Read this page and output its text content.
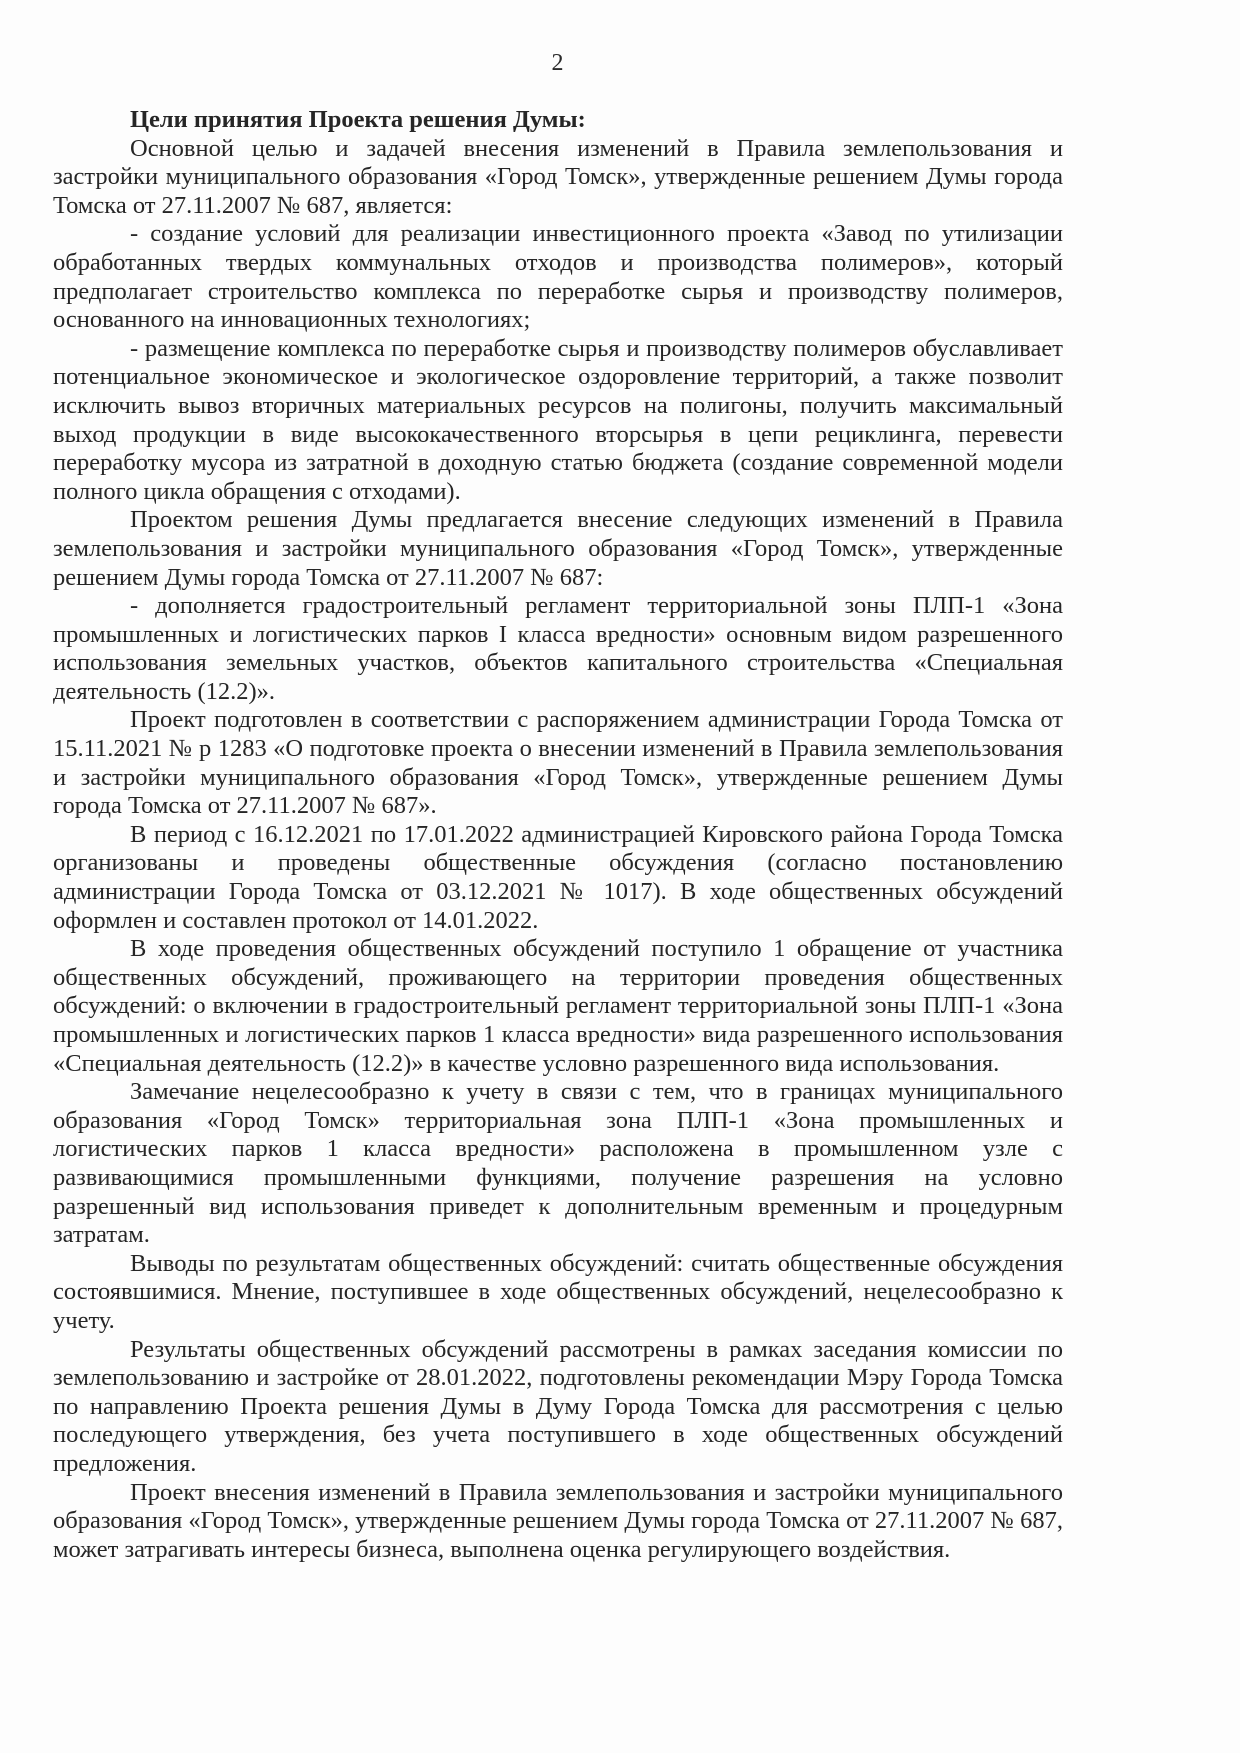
2
Цели принятия Проекта решения Думы:

Основной целью и задачей внесения изменений в Правила землепользования и застройки муниципального образования «Город Томск», утвержденные решением Думы города Томска от 27.11.2007 № 687, является:

- создание условий для реализации инвестиционного проекта «Завод по утилизации обработанных твердых коммунальных отходов и производства полимеров», который предполагает строительство комплекса по переработке сырья и производству полимеров, основанного на инновационных технологиях;

- размещение комплекса по переработке сырья и производству полимеров обуславливает потенциальное экономическое и экологическое оздоровление территорий, а также позволит исключить вывоз вторичных материальных ресурсов на полигоны, получить максимальный выход продукции в виде высококачественного вторсырья в цепи рециклинга, перевести переработку мусора из затратной в доходную статью бюджета (создание современной модели полного цикла обращения с отходами).

Проектом решения Думы предлагается внесение следующих изменений в Правила землепользования и застройки муниципального образования «Город Томск», утвержденные решением Думы города Томска от 27.11.2007 № 687:

- дополняется градостроительный регламент территориальной зоны ПЛП-1 «Зона промышленных и логистических парков I класса вредности» основным видом разрешенного использования земельных участков, объектов капитального строительства «Специальная деятельность (12.2)».

Проект подготовлен в соответствии с распоряжением администрации Города Томска от 15.11.2021 № р 1283 «О подготовке проекта о внесении изменений в Правила землепользования и застройки муниципального образования «Город Томск», утвержденные решением Думы города Томска от 27.11.2007 № 687».

В период с 16.12.2021 по 17.01.2022 администрацией Кировского района Города Томска организованы и проведены общественные обсуждения (согласно постановлению администрации Города Томска от 03.12.2021 № 1017). В ходе общественных обсуждений оформлен и составлен протокол от 14.01.2022.

В ходе проведения общественных обсуждений поступило 1 обращение от участника общественных обсуждений, проживающего на территории проведения общественных обсуждений: о включении в градостроительный регламент территориальной зоны ПЛП-1 «Зона промышленных и логистических парков 1 класса вредности» вида разрешенного использования «Специальная деятельность (12.2)» в качестве условно разрешенного вида использования.

Замечание нецелесообразно к учету в связи с тем, что в границах муниципального образования «Город Томск» территориальная зона ПЛП-1 «Зона промышленных и логистических парков 1 класса вредности» расположена в промышленном узле с развивающимися промышленными функциями, получение разрешения на условно разрешенный вид использования приведет к дополнительным временным и процедурным затратам.

Выводы по результатам общественных обсуждений: считать общественные обсуждения состоявшимися. Мнение, поступившее в ходе общественных обсуждений, нецелесообразно к учету.

Результаты общественных обсуждений рассмотрены в рамках заседания комиссии по землепользованию и застройке от 28.01.2022, подготовлены рекомендации Мэру Города Томска по направлению Проекта решения Думы в Думу Города Томска для рассмотрения с целью последующего утверждения, без учета поступившего в ходе общественных обсуждений предложения.

Проект внесения изменений в Правила землепользования и застройки муниципального образования «Город Томск», утвержденные решением Думы города Томска от 27.11.2007 № 687, может затрагивать интересы бизнеса, выполнена оценка регулирующего воздействия.
